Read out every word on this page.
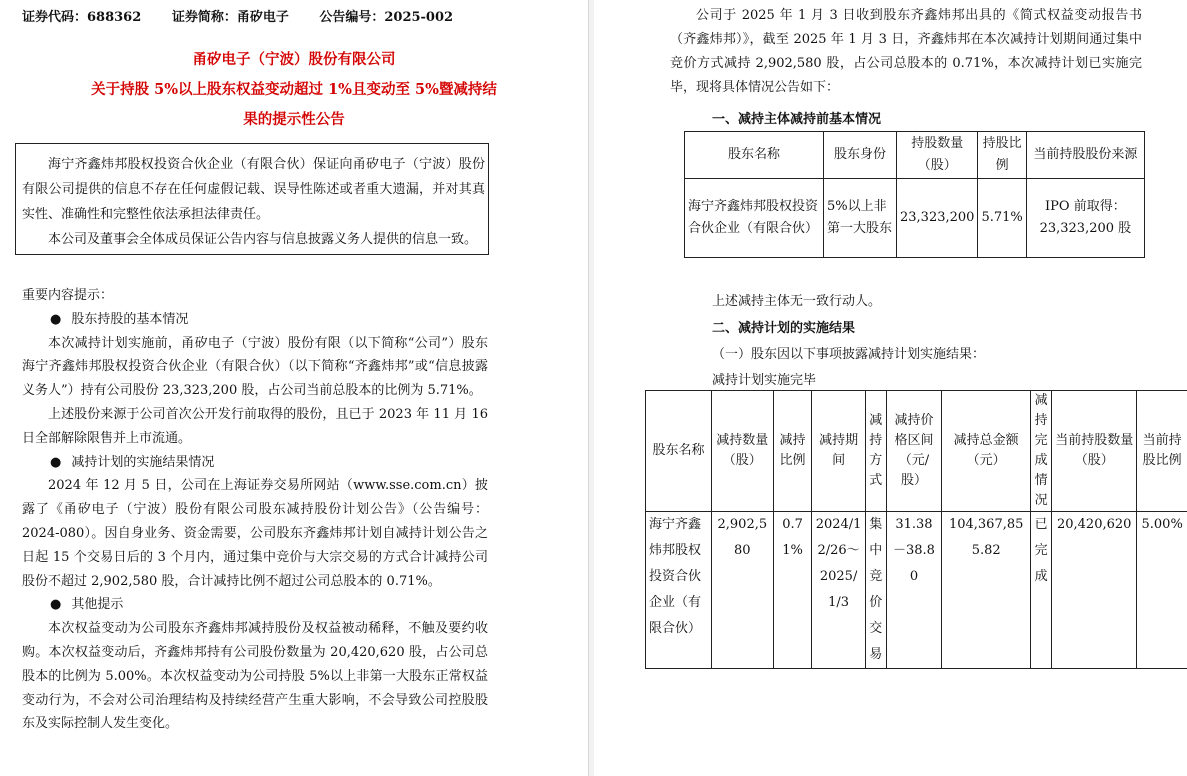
证券代码：688362 证券简称：甬矽电子 公告编号：2025-002
甬矽电子（宁波）股份有限公司
关于持股 5%以上股东权益变动超过 1%且变动至 5%暨减持结
果的提示性公告

海宁齐鑫炜邦股权投资合伙企业（有限合伙）保证向甬矽电子（宁波）股份有限公司提供的信息不存在任何虚假记载、误导性陈述或者重大遗漏，并对其真实性、准确性和完整性依法承担法律责任。

本公司及董事会全体成员保证公告内容与信息披露义务人提供的信息一致。

重要内容提示：

● 股东持股的基本情况

本次减持计划实施前，甬矽电子（宁波）股份有限（以下简称“公司”）股东海宁齐鑫炜邦股权投资合伙企业（有限合伙）（以下简称“齐鑫炜邦”或“信息披露义务人”）持有公司股份 23,323,200 股，占公司当前总股本的比例为 5.71%。

上述股份来源于公司首次公开发行前取得的股份，且已于 2023 年 11 月 16 日全部解除限售并上市流通。

● 减持计划的实施结果情况

2024 年 12 月 5 日，公司在上海证券交易所网站（www.sse.com.cn）披露了《甬矽电子（宁波）股份有限公司股东减持股份计划公告》（公告编号：2024-080）。因自身业务、资金需要，公司股东齐鑫炜邦计划自减持计划公告之日起 15 个交易日后的 3 个月内，通过集中竞价与大宗交易的方式合计减持公司股份不超过 2,902,580 股，合计减持比例不超过公司总股本的 0.71%。

● 其他提示

本次权益变动为公司股东齐鑫炜邦减持股份及权益被动稀释，不触及要约收购。本次权益变动后，齐鑫炜邦持有公司股份数量为 20,420,620 股，占公司总股本的比例为 5.00%。本次权益变动为公司持股 5%以上非第一大股东正常权益变动行为，不会对公司治理结构及持续经营产生重大影响，不会导致公司控股股东及实际控制人发生变化。

公司于 2025 年 1 月 3 日收到股东齐鑫炜邦出具的《简式权益变动报告书（齐鑫炜邦）》，截至 2025 年 1 月 3 日，齐鑫炜邦在本次减持计划期间通过集中竞价方式减持 2,902,580 股，占公司总股本的 0.71%，本次减持计划已实施完毕，现将具体情况公告如下：

一、减持主体减持前基本情况
股东名称	股东身份	持股数量（股）	持股比例	当前持股股份来源
海宁齐鑫炜邦股权投资合伙企业（有限合伙）	5%以上非第一大股东	23,323,200	5.71%	IPO 前取得：23,323,200 股
上述减持主体无一致行动人。
二、减持计划的实施结果
（一）股东因以下事项披露减持计划实施结果：
减持计划实施完毕
股东名称	减持数量（股）	减持比例	减持期间	减持方式	减持价格区间（元/股）	减持总金额（元）	减持完成情况	当前持股数量（股）	当前持股比例
海宁齐鑫炜邦股权投资合伙企业（有限合伙）	2,902,580	0.71%	2024/12/26～2025/1/3	集中竞价交易	31.38－38.80	104,367,855.82	已完成	20,420,620	5.00%
